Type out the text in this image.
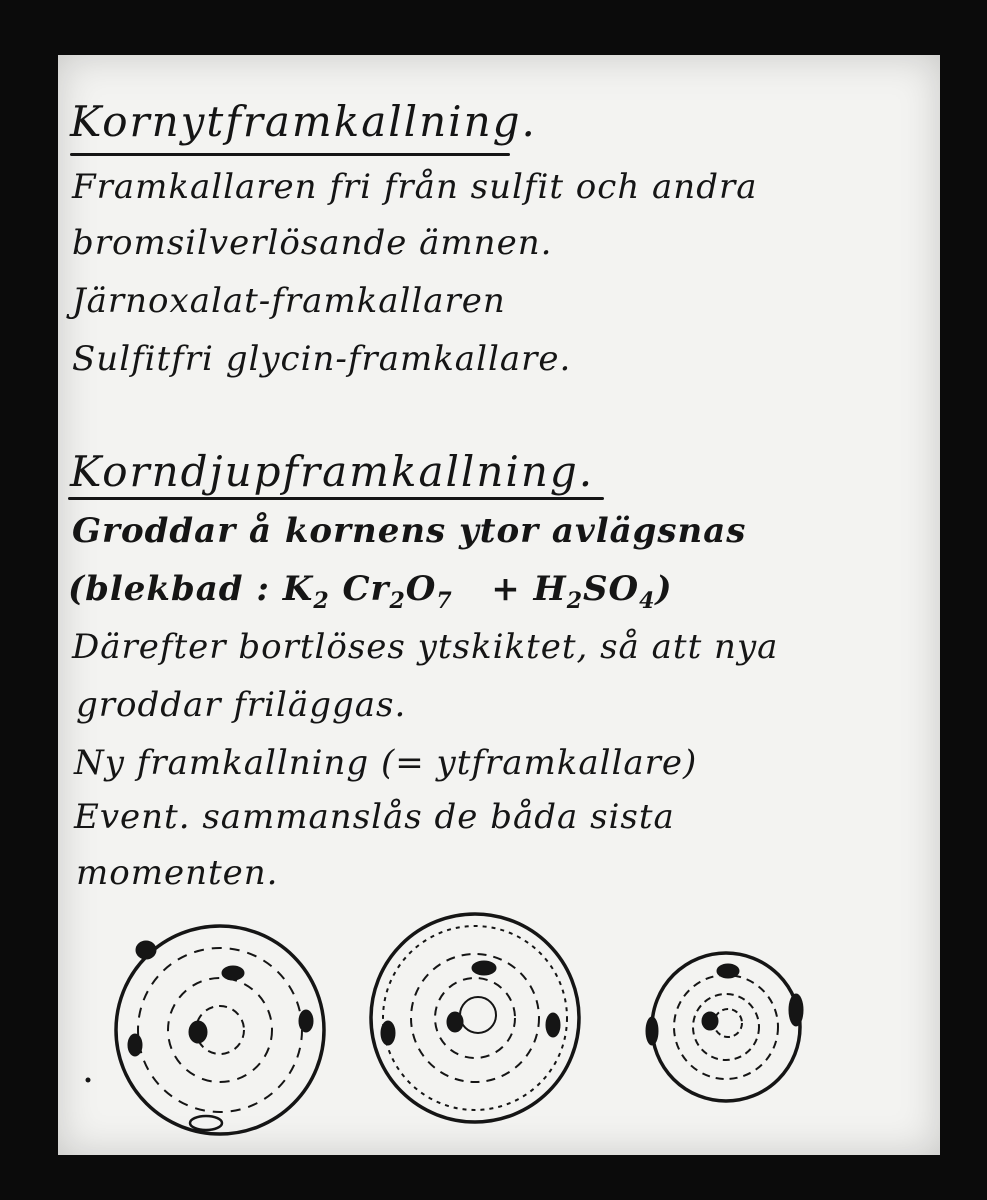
Kornytframkallning.

Framkallaren fri från sulfit och andra

bromsilverlösande ämnen.

Järnoxalat-framkallaren

Sulfitfri glycin-framkallare.

Korndjupframkallning.

Groddar å kornens ytor avlägsnas

(blekbad : $K_2$ $Cr_2O_7 + H_2SO_4$)

Därefter bortlöses ytskiktet, så att nya

groddar friläggas.

Ny framkallning (= ytframkallare)

Event. sammanslås de båda sista

momenten.
